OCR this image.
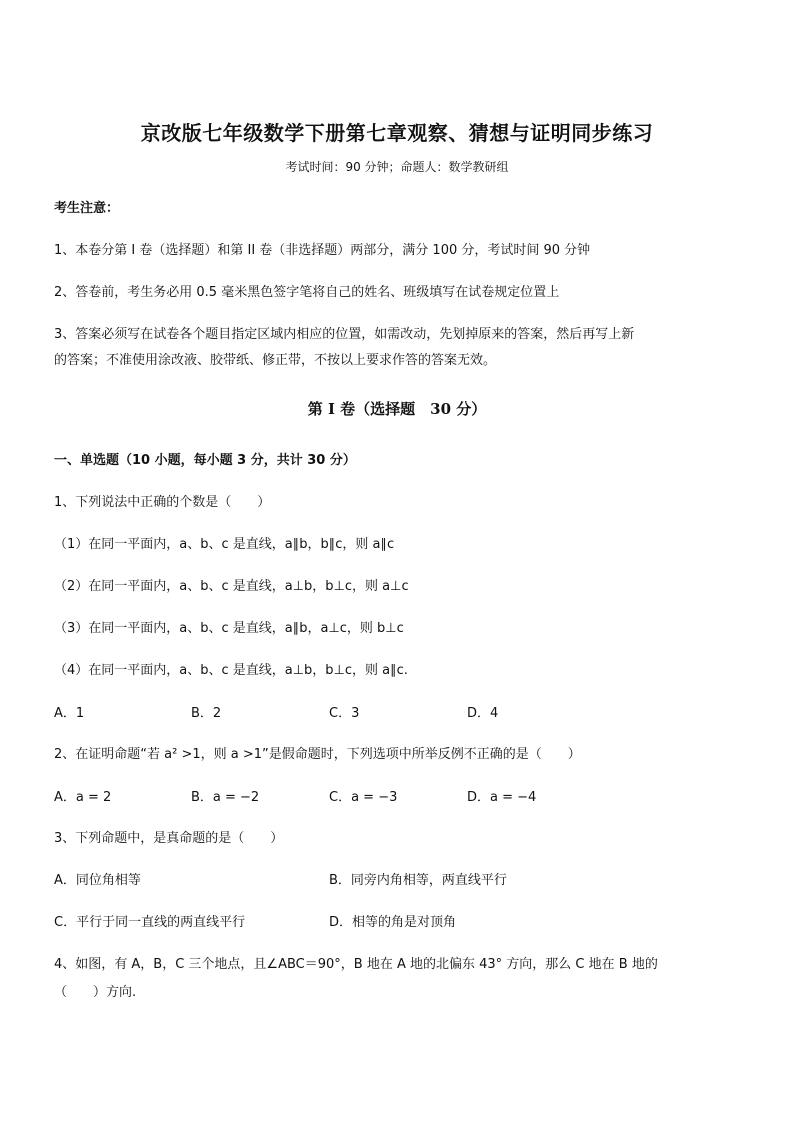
京改版七年级数学下册第七章观察、猜想与证明同步练习
考试时间：90 分钟；命题人：数学教研组
考生注意：
1、本卷分第 I 卷（选择题）和第 II 卷（非选择题）两部分，满分 100 分，考试时间 90 分钟
2、答卷前，考生务必用 0.5 毫米黑色签字笔将自己的姓名、班级填写在试卷规定位置上
3、答案必须写在试卷各个题目指定区域内相应的位置，如需改动，先划掉原来的答案，然后再写上新
的答案；不准使用涂改液、胶带纸、修正带，不按以上要求作答的答案无效。
第 I 卷（选择题　30 分）
一、单选题（10 小题，每小题 3 分，共计 30 分）
1、下列说法中正确的个数是（　　）
（1）在同一平面内，a、b、c 是直线，a∥b，b∥c，则 a∥c
（2）在同一平面内，a、b、c 是直线，a⊥b，b⊥c，则 a⊥c
（3）在同一平面内，a、b、c 是直线，a∥b，a⊥c，则 b⊥c
（4）在同一平面内，a、b、c 是直线，a⊥b，b⊥c，则 a∥c.
A．1	B．2	C．3	D．4
2、在证明命题“若 a² >1，则 a >1”是假命题时，下列选项中所举反例不正确的是（　　）
A．a = 2	B．a = −2	C．a = −3	D．a = −4
3、下列命题中，是真命题的是（　　）
A．同位角相等	B．同旁内角相等，两直线平行
C．平行于同一直线的两直线平行	D．相等的角是对顶角
4、如图，有 A，B，C 三个地点，且∠ABC＝90°，B 地在 A 地的北偏东 43° 方向，那么 C 地在 B 地的
（　　）方向.
